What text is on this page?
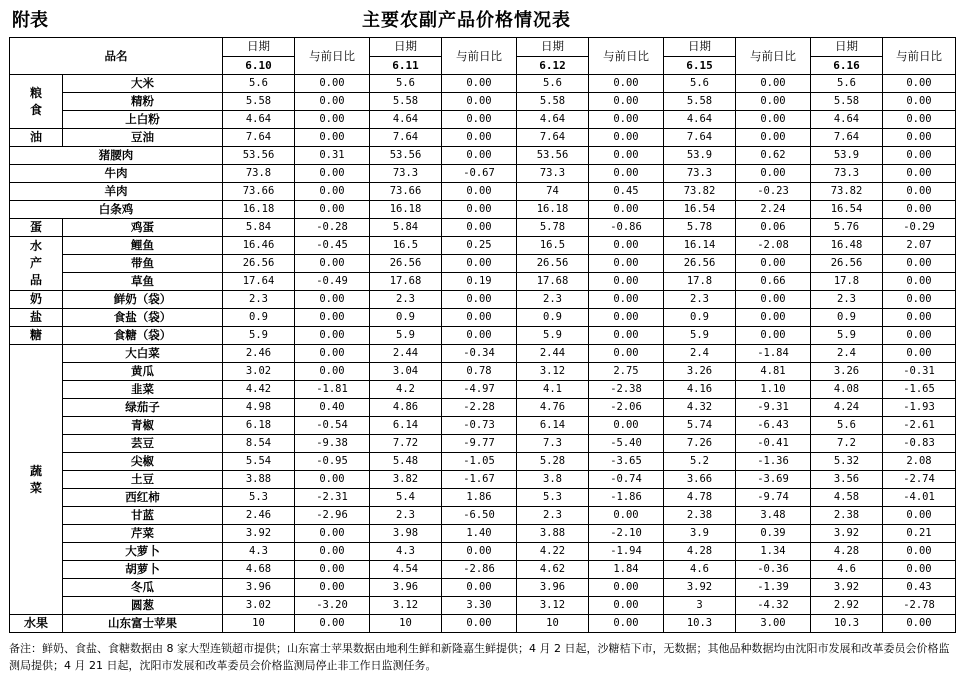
附表	主要农副产品价格情况表
品名		日期	与前日比	日期	与前日比	日期	与前日比	日期	与前日比	日期	与前日比
		6.10		6.11		6.12		6.15		6.16	
粮食	大米	5.6	0.00	5.6	0.00	5.6	0.00	5.6	0.00	5.6	0.00
	精粉	5.58	0.00	5.58	0.00	5.58	0.00	5.58	0.00	5.58	0.00
	上白粉	4.64	0.00	4.64	0.00	4.64	0.00	4.64	0.00	4.64	0.00
油	豆油	7.64	0.00	7.64	0.00	7.64	0.00	7.64	0.00	7.64	0.00
猪腰肉		53.56	0.31	53.56	0.00	53.56	0.00	53.9	0.62	53.9	0.00
牛肉		73.8	0.00	73.3	-0.67	73.3	0.00	73.3	0.00	73.3	0.00
羊肉		73.66	0.00	73.66	0.00	74	0.45	73.82	-0.23	73.82	0.00
白条鸡		16.18	0.00	16.18	0.00	16.18	0.00	16.54	2.24	16.54	0.00
蛋	鸡蛋	5.84	-0.28	5.84	0.00	5.78	-0.86	5.78	0.06	5.76	-0.29
水产品	鲤鱼	16.46	-0.45	16.5	0.25	16.5	0.00	16.14	-2.08	16.48	2.07
	带鱼	26.56	0.00	26.56	0.00	26.56	0.00	26.56	0.00	26.56	0.00
	草鱼	17.64	-0.49	17.68	0.19	17.68	0.00	17.8	0.66	17.8	0.00
奶	鲜奶（袋）	2.3	0.00	2.3	0.00	2.3	0.00	2.3	0.00	2.3	0.00
盐	食盐（袋）	0.9	0.00	0.9	0.00	0.9	0.00	0.9	0.00	0.9	0.00
糖	食糖（袋）	5.9	0.00	5.9	0.00	5.9	0.00	5.9	0.00	5.9	0.00
蔬菜	大白菜	2.46	0.00	2.44	-0.34	2.44	0.00	2.4	-1.84	2.4	0.00
	黄瓜	3.02	0.00	3.04	0.78	3.12	2.75	3.26	4.81	3.26	-0.31
	韭菜	4.42	-1.81	4.2	-4.97	4.1	-2.38	4.16	1.10	4.08	-1.65
	绿茄子	4.98	0.40	4.86	-2.28	4.76	-2.06	4.32	-9.31	4.24	-1.93
	青椒	6.18	-0.54	6.14	-0.73	6.14	0.00	5.74	-6.43	5.6	-2.61
	芸豆	8.54	-9.38	7.72	-9.77	7.3	-5.40	7.26	-0.41	7.2	-0.83
	尖椒	5.54	-0.95	5.48	-1.05	5.28	-3.65	5.2	-1.36	5.32	2.08
	土豆	3.88	0.00	3.82	-1.67	3.8	-0.74	3.66	-3.69	3.56	-2.74
	西红柿	5.3	-2.31	5.4	1.86	5.3	-1.86	4.78	-9.74	4.58	-4.01
	甘蓝	2.46	-2.96	2.3	-6.50	2.3	0.00	2.38	3.48	2.38	0.00
	芹菜	3.92	0.00	3.98	1.40	3.88	-2.10	3.9	0.39	3.92	0.21
	大萝卜	4.3	0.00	4.3	0.00	4.22	-1.94	4.28	1.34	4.28	0.00
	胡萝卜	4.68	0.00	4.54	-2.86	4.62	1.84	4.6	-0.36	4.6	0.00
	冬瓜	3.96	0.00	3.96	0.00	3.96	0.00	3.92	-1.39	3.92	0.43
	圆葱	3.02	-3.20	3.12	3.30	3.12	0.00	3	-4.32	2.92	-2.78
水果	山东富士苹果	10	0.00	10	0.00	10	0.00	10.3	3.00	10.3	0.00
备注：鲜奶、食盐、食糖数据由 8 家大型连锁超市提供；山东富士苹果数据由地利生鲜和新隆嘉生鲜提供；4 月 2 日起，沙糖桔下市，无数据；其他品种数据均由沈阳市发展和改革委员会价格监测局提供；4 月 21 日起，沈阳市发展和改革委员会价格监测局停止非工作日监测任务。
